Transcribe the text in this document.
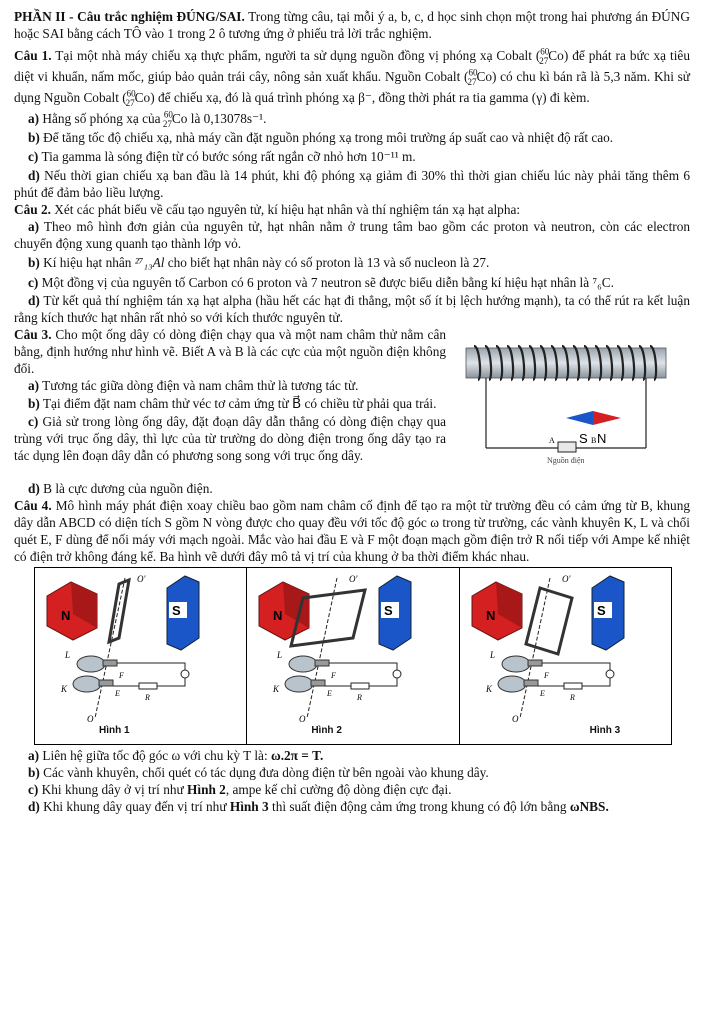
PHẦN II - Câu trắc nghiệm ĐÚNG/SAI. Trong từng câu, tại mỗi ý a, b, c, d học sinh chọn một trong hai phương án ĐÚNG hoặc SAI bằng cách TÔ vào 1 trong 2 ô tương ứng ở phiếu trả lời trắc nghiệm.

Câu 1. Tại một nhà máy chiếu xạ thực phẩm, người ta sử dụng nguồn đồng vị phóng xạ Cobalt ($^{60}_{27}$Co) để phát ra bức xạ tiêu diệt vi khuẩn, nấm mốc, giúp bảo quản trái cây, nông sản xuất khẩu. Nguồn Cobalt ($^{60}_{27}$Co) có chu kì bán rã là 5,3 năm. Khi sử dụng Nguồn Cobalt ($^{60}_{27}$Co) để chiếu xạ, đó là quá trình phóng xạ β⁻, đồng thời phát ra tia gamma (γ) đi kèm.

a) Hằng số phóng xạ của $^{60}_{27}$Co là 0,13078s⁻¹.

b) Để tăng tốc độ chiếu xạ, nhà máy cần đặt nguồn phóng xạ trong môi trường áp suất cao và nhiệt độ rất cao.

c) Tia gamma là sóng điện từ có bước sóng rất ngắn cỡ nhỏ hơn 10⁻¹¹ m.

d) Nếu thời gian chiếu xạ ban đầu là 14 phút, khi độ phóng xạ giảm đi 30% thì thời gian chiếu lúc này phải tăng thêm 6 phút để đảm bảo liều lượng.

Câu 2. Xét các phát biểu về cấu tạo nguyên tử, kí hiệu hạt nhân và thí nghiệm tán xạ hạt alpha:

a) Theo mô hình đơn giản của nguyên tử, hạt nhân nằm ở trung tâm bao gồm các proton và neutron, còn các electron chuyển động xung quanh tạo thành lớp vỏ.

b) Kí hiệu hạt nhân ²⁷₁₃Al cho biết hạt nhân này có số proton là 13 và số nucleon là 27.

c) Một đồng vị của nguyên tố Carbon có 6 proton và 7 neutron sẽ được biểu diễn bằng kí hiệu hạt nhân là ⁷₆C.

d) Từ kết quả thí nghiệm tán xạ hạt alpha (hầu hết các hạt đi thẳng, một số ít bị lệch hướng mạnh), ta có thể rút ra kết luận rằng kích thước hạt nhân rất nhỏ so với kích thước nguyên tử.

Câu 3. Cho một ống dây có dòng điện chạy qua và một nam châm thử nằm cân bằng, định hướng như hình vẽ. Biết A và B là các cực của một nguồn điện không đổi.

a) Tương tác giữa dòng điện và nam châm thử là tương tác từ.

b) Tại điểm đặt nam châm thử véc tơ cảm ứng từ B⃗ có chiều từ phải qua trái.

c) Giả sử trong lòng ống dây, đặt đoạn dây dẫn thẳng có dòng điện chạy qua trùng với trục ống dây, thì lực của từ trường do dòng điện trong ống dây tạo ra tác dụng lên đoạn dây dẫn có phương song song với trục ống dây.

S N
A	B
Nguồn điện

d) B là cực dương của nguồn điện.

Câu 4. Mô hình máy phát điện xoay chiều bao gồm nam châm cố định để tạo ra một từ trường đều có cảm ứng từ B, khung dây dẫn ABCD có diện tích S gồm N vòng được cho quay đều với tốc độ góc ω trong từ trường, các vành khuyên K, L và chổi quét E, F dùng để nối máy với mạch ngoài. Mắc vào hai đầu E và F một đoạn mạch gồm điện trở R nối tiếp với Ampe kế nhiệt có điện trở không đáng kể. Ba hình vẽ dưới đây mô tả vị trí của khung ở ba thời điểm khác nhau.

N	S
O'
O
L
K
F
E	R
Hình 1
N	S
O'
O
L
K
F
E	R
Hình 2
N	S
O'
O
L
K
F
E	R
Hình 3

a) Liên hệ giữa tốc độ góc ω với chu kỳ T là: ω.2π = T.

b) Các vành khuyên, chổi quét có tác dụng đưa dòng điện từ bên ngoài vào khung dây.

c) Khi khung dây ở vị trí như Hình 2, ampe kế chỉ cường độ dòng điện cực đại.

d) Khi khung dây quay đến vị trí như Hình 3 thì suất điện động cảm ứng trong khung có độ lớn bằng ωNBS.
